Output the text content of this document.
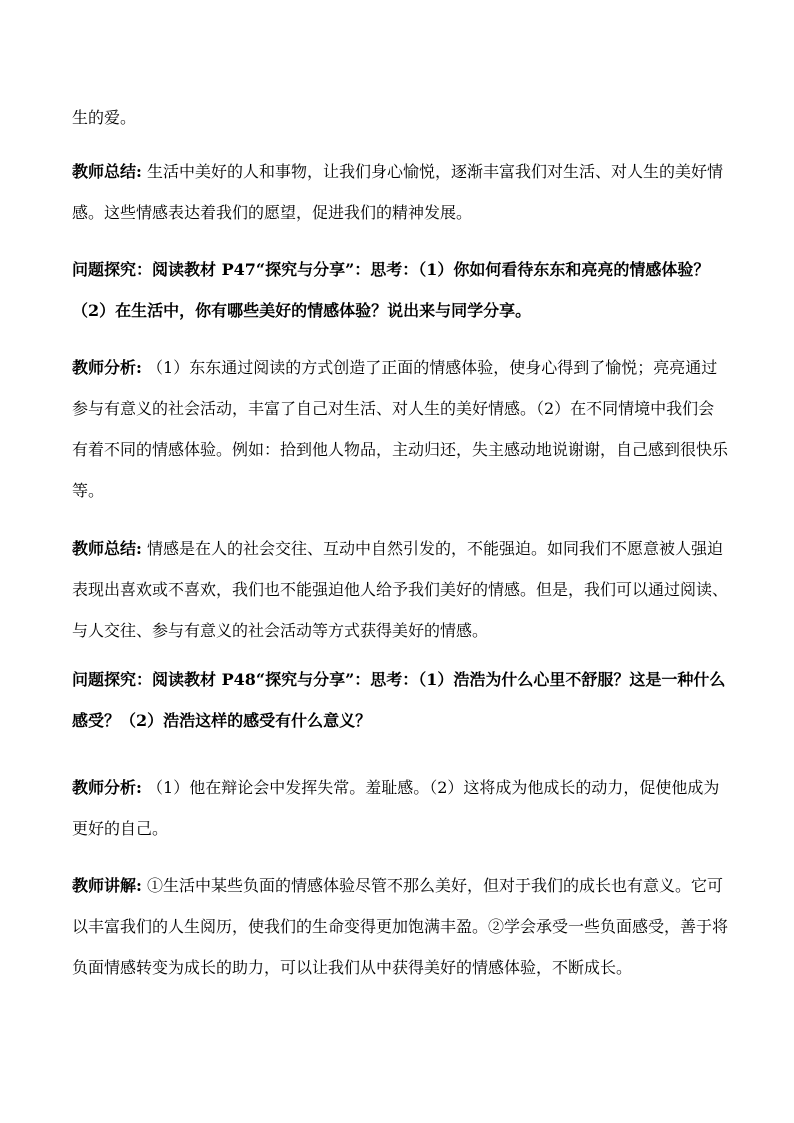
生的爱。
教师总结: 生活中美好的人和事物，让我们身心愉悦，逐渐丰富我们对生活、对人生的美好情
感。这些情感表达着我们的愿望，促进我们的精神发展。
问题探究：阅读教材 P47“探究与分享”：思考：（1）你如何看待东东和亮亮的情感体验？
（2）在生活中，你有哪些美好的情感体验？说出来与同学分享。
教师分析: （1）东东通过阅读的方式创造了正面的情感体验，使身心得到了愉悦；亮亮通过
参与有意义的社会活动，丰富了自己对生活、对人生的美好情感。（2）在不同情境中我们会
有着不同的情感体验。例如：拾到他人物品，主动归还，失主感动地说谢谢，自己感到很快乐
等。
教师总结: 情感是在人的社会交往、互动中自然引发的，不能强迫。如同我们不愿意被人强迫
表现出喜欢或不喜欢，我们也不能强迫他人给予我们美好的情感。但是，我们可以通过阅读、
与人交往、参与有意义的社会活动等方式获得美好的情感。
问题探究：阅读教材 P48“探究与分享”：思考：（1）浩浩为什么心里不舒服？这是一种什么
感受？（2）浩浩这样的感受有什么意义？
教师分析: （1）他在辩论会中发挥失常。羞耻感。（2）这将成为他成长的动力，促使他成为
更好的自己。
教师讲解: ①生活中某些负面的情感体验尽管不那么美好，但对于我们的成长也有意义。它可
以丰富我们的人生阅历，使我们的生命变得更加饱满丰盈。②学会承受一些负面感受，善于将
负面情感转变为成长的助力，可以让我们从中获得美好的情感体验，不断成长。
